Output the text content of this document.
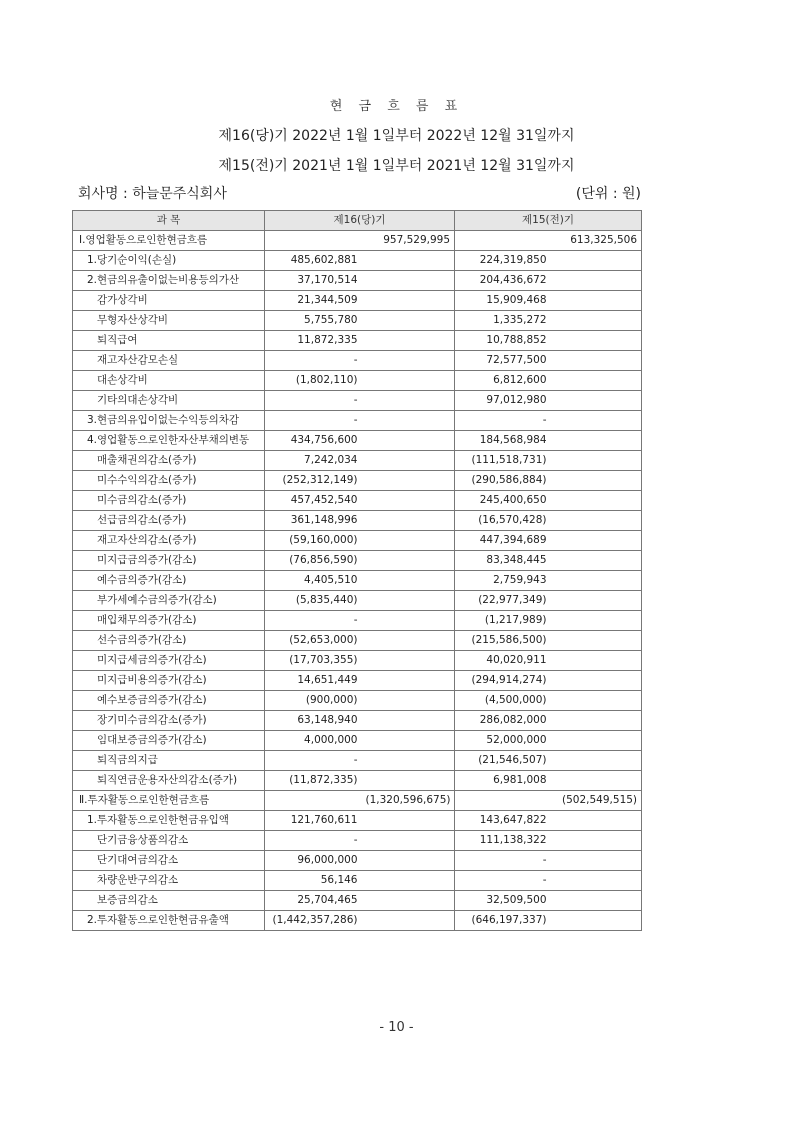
현 금 흐 름 표
제16(당)기 2022년 1월 1일부터 2022년 12월 31일까지
제15(전)기 2021년 1월 1일부터 2021년 12월 31일까지
회사명 : 하늘문주식회사	(단위 : 원)
과 목	제16(당)기		제15(전)기	
Ⅰ.영업활동으로인한현금흐름		957,529,995		613,325,506
1.당기순이익(손실)	485,602,881		224,319,850	
2.현금의유출이없는비용등의가산	37,170,514		204,436,672	
감가상각비	21,344,509		15,909,468	
무형자산상각비	5,755,780		1,335,272	
퇴직급여	11,872,335		10,788,852	
재고자산감모손실	-		72,577,500	
대손상각비	(1,802,110)		6,812,600	
기타의대손상각비	-		97,012,980	
3.현금의유입이없는수익등의차감	-		-	
4.영업활동으로인한자산부채의변동	434,756,600		184,568,984	
매출채권의감소(증가)	7,242,034		(111,518,731)	
미수수익의감소(증가)	(252,312,149)		(290,586,884)	
미수금의감소(증가)	457,452,540		245,400,650	
선급금의감소(증가)	361,148,996		(16,570,428)	
재고자산의감소(증가)	(59,160,000)		447,394,689	
미지급금의증가(감소)	(76,856,590)		83,348,445	
예수금의증가(감소)	4,405,510		2,759,943	
부가세예수금의증가(감소)	(5,835,440)		(22,977,349)	
매입채무의증가(감소)	-		(1,217,989)	
선수금의증가(감소)	(52,653,000)		(215,586,500)	
미지급세금의증가(감소)	(17,703,355)		40,020,911	
미지급비용의증가(감소)	14,651,449		(294,914,274)	
예수보증금의증가(감소)	(900,000)		(4,500,000)	
장기미수금의감소(증가)	63,148,940		286,082,000	
임대보증금의증가(감소)	4,000,000		52,000,000	
퇴직금의지급	-		(21,546,507)	
퇴직연금운용자산의감소(증가)	(11,872,335)		6,981,008	
Ⅱ.투자활동으로인한현금흐름		(1,320,596,675)		(502,549,515)
1.투자활동으로인한현금유입액	121,760,611		143,647,822	
단기금융상품의감소	-		111,138,322	
단기대여금의감소	96,000,000		-	
차량운반구의감소	56,146		-	
보증금의감소	25,704,465		32,509,500	
2.투자활동으로인한현금유출액	(1,442,357,286)		(646,197,337)	
- 10 -
